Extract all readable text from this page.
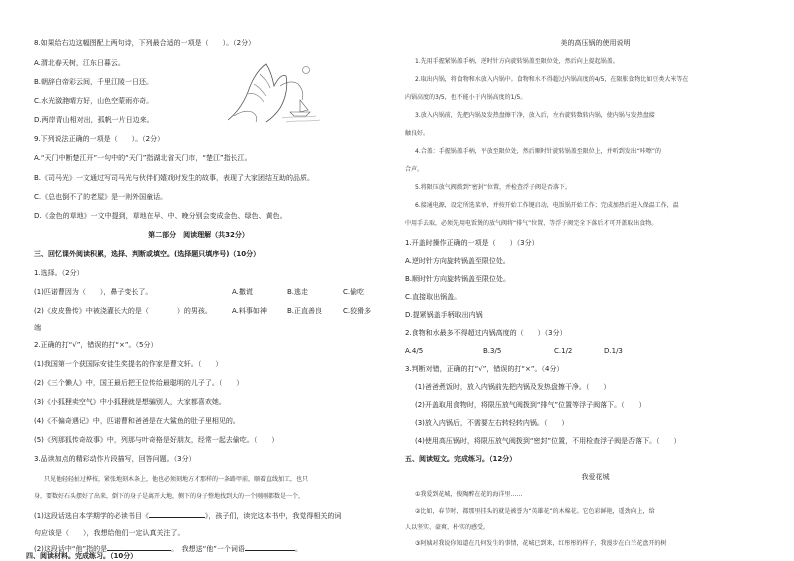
8.如果给右边这幅图配上两句诗，下列最合适的一项是（　　）。（2分）
A.渭北春天树，江东日暮云。
B.朝辞白帝彩云间，千里江陵一日还。
C.水光潋滟晴方好，山色空蒙雨亦奇。
D.两岸青山相对出，孤帆一片日边来。
9.下列说法正确的一项是（　　）。（2分）
A.“天门中断楚江开”一句中的“天门”指湖北省天门市，“楚江”指长江。
B.《司马光》一文通过写司马光与伙伴们嬉戏时发生的故事，表现了大家团结互助的品质。
C.《总也倒不了的老屋》是一则外国童话。
D.《金色的草地》一文中提到，草地在早、中、晚分别会变成金色、绿色、黄色。
第二部分　阅读理解（共32分）
三、回忆课外阅读积累，选择、判断或填空。(选择题只填序号)（10分）
1.选择。（2分）
(1)匹诺曹因为（　　），鼻子变长了。	A.撒谎	B.逃走	C.偷吃
(2)《皮皮鲁传》中被浇灌长大的是（　　　　）的男孩。	A.料事如神	B.正直善良	C.狡猾多
端
2.正确的打“√”，错误的打“×”。（5分）
(1)我国第一个获国际安徒生奖提名的作家是曹文轩。（　　）
(2)《三个懒人》中，国王最后把王位传给最聪明的儿子了。（　　）
(3)《小狐狸卖空气》中小狐狸就是想骗别人，大家都喜欢她。
(4)《不偏奇遇记》中，匹诺曹和爸爸是在大鲨鱼的肚子里相见的。
(5)《列那狐传奇故事》中，列那与叶奇格是好朋友，经常一起去偷吃。（　　）
3.品读加点的精彩动作片段描写，回答问题。（3分）
只见他轻轻扯过桦枝，紧张地刻木条上，他也必须刻地方才那样的一条路甲前，顺着直线加工，也只
身，要数好石头摆好了出来，倒下的身子是离开大地，侧下的身子整地找到大的一个刚刚都数是一个，
(1)这段话选自本学期学的必读书目《	》，孩子们，读完这本书中，我觉得相关的词
句应该是（　　），我想给他们一定认真关注了。
(2)这段话中“他”指的是	。　我想送“他”一个词语	。
美的高压锅的使用说明
1.先用手握紧锅盖手柄，逆时针方向旋转锅盖至限位处，然后向上提起锅盖。
2.取出内锅，将食物和水放入内锅中。食物和水不得超过内锅高度的4/5，在限胀食物比如豆类大米等在
内锅高度的3/5，也不能小于内锅高度的1/5。
3.放入内锅前，先把内锅及发热盘擦干净，放入后，左右旋转数转内锅，使内锅与发热盘接
触良好。
4.合盖：手握锅盖手柄，平放至限位处，然后顺时针旋转锅盖至限位上，并听到发出“咔嚓”的
合声。
5.将限压放气阀拨到“密封”位置，并检查浮子阀是否落下。
6.接通电源，设定所选菜单，并按开始工作键启动，电饭锅开始工作；完成加热后进入保温工作，温
中用手去取，必须先用电饭煲的放气阀将“排气”位置，等浮子阀完全下落后才可开盖取出食物。
1.开盖时操作正确的一项是（　　）（3分）
A.逆时针方向旋转锅盖至限位处。
B.顺时针方向旋转锅盖至限位处。
C.直接取出锅盖。
D.提紧锅盖手柄取出内锅
2.食物和水最多不得超过内锅高度的（　　）（3分）
A.4/5	B.3/5	C.1/2	D.1/3
3.判断对错，正确的打“√”，错误的打“×”。（4分）
(1)爸爸煮饭时，放入内锅前先把内锅及发热盘擦干净。（　　）
(2)开盖取用食物时，将限压放气阀拨到“排气”位置等浮子阀落下。（　　）
(3)放入内锅后，不需要左右转轻转内锅。（　　）
(4)使用高压锅时，将限压放气阀拨到“密封”位置，不用检查浮子阀是否落下。（　　）
五、阅读短文。完成练习。（12分）
我爱花城
①我爱到花城，俊陶醉在花的海洋里……
②比如，春节时，都那里挂头的就是被誉为“英雄花”的木棉花。它色彩鲜艳，遥劲向上，给
人以坚实、豪爽、朴实的感受。
③阿姨对我说你知道在几何发生的事情，花城已到来，红彤彤的样子，我漫步在白兰花盘开的树
四、阅读材料。完成练习。（10分）
